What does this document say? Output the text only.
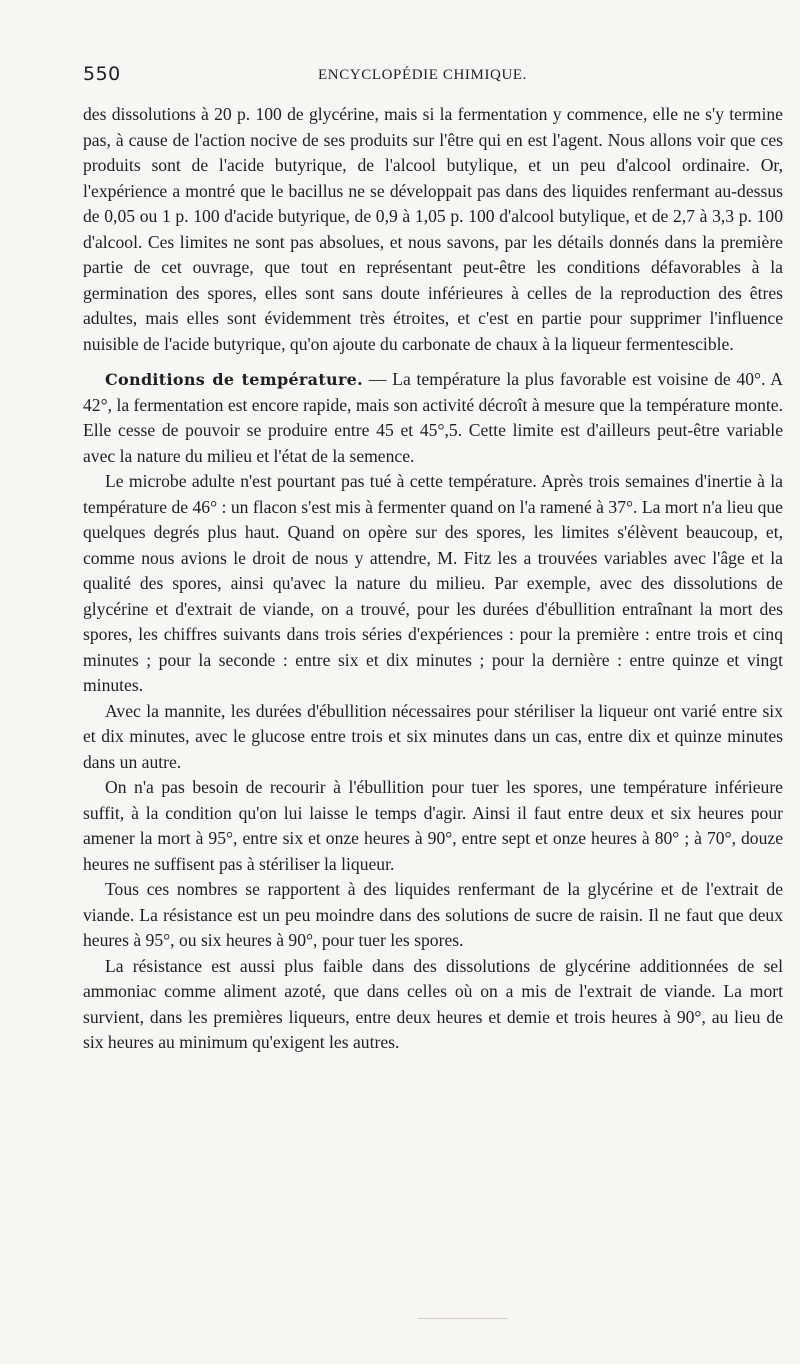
550	ENCYCLOPÉDIE CHIMIQUE.

des dissolutions à 20 p. 100 de glycérine, mais si la fermentation y commence, elle ne s'y termine pas, à cause de l'action nocive de ses produits sur l'être qui en est l'agent. Nous allons voir que ces produits sont de l'acide butyrique, de l'alcool butylique, et un peu d'alcool ordinaire. Or, l'expérience a montré que le bacillus ne se développait pas dans des liquides renfermant au-dessus de 0,05 ou 1 p. 100 d'acide butyrique, de 0,9 à 1,05 p. 100 d'alcool butylique, et de 2,7 à 3,3 p. 100 d'alcool. Ces limites ne sont pas absolues, et nous savons, par les détails donnés dans la première partie de cet ouvrage, que tout en représentant peut-être les conditions défavorables à la germination des spores, elles sont sans doute inférieures à celles de la reproduction des êtres adultes, mais elles sont évidemment très étroites, et c'est en partie pour supprimer l'influence nuisible de l'acide butyrique, qu'on ajoute du carbonate de chaux à la liqueur fermentescible.

Conditions de température. — La température la plus favorable est voisine de 40°. A 42°, la fermentation est encore rapide, mais son activité décroît à mesure que la température monte. Elle cesse de pouvoir se produire entre 45 et 45°,5. Cette limite est d'ailleurs peut-être variable avec la nature du milieu et l'état de la semence.

Le microbe adulte n'est pourtant pas tué à cette température. Après trois semaines d'inertie à la température de 46° : un flacon s'est mis à fermenter quand on l'a ramené à 37°. La mort n'a lieu que quelques degrés plus haut. Quand on opère sur des spores, les limites s'élèvent beaucoup, et, comme nous avions le droit de nous y attendre, M. Fitz les a trouvées variables avec l'âge et la qualité des spores, ainsi qu'avec la nature du milieu. Par exemple, avec des dissolutions de glycérine et d'extrait de viande, on a trouvé, pour les durées d'ébullition entraînant la mort des spores, les chiffres suivants dans trois séries d'expériences : pour la première : entre trois et cinq minutes ; pour la seconde : entre six et dix minutes ; pour la dernière : entre quinze et vingt minutes.

Avec la mannite, les durées d'ébullition nécessaires pour stériliser la liqueur ont varié entre six et dix minutes, avec le glucose entre trois et six minutes dans un cas, entre dix et quinze minutes dans un autre.

On n'a pas besoin de recourir à l'ébullition pour tuer les spores, une température inférieure suffit, à la condition qu'on lui laisse le temps d'agir. Ainsi il faut entre deux et six heures pour amener la mort à 95°, entre six et onze heures à 90°, entre sept et onze heures à 80° ; à 70°, douze heures ne suffisent pas à stériliser la liqueur.

Tous ces nombres se rapportent à des liquides renfermant de la glycérine et de l'extrait de viande. La résistance est un peu moindre dans des solutions de sucre de raisin. Il ne faut que deux heures à 95°, ou six heures à 90°, pour tuer les spores.

La résistance est aussi plus faible dans des dissolutions de glycérine additionnées de sel ammoniac comme aliment azoté, que dans celles où on a mis de l'extrait de viande. La mort survient, dans les premières liqueurs, entre deux heures et demie et trois heures à 90°, au lieu de six heures au minimum qu'exigent les autres.
